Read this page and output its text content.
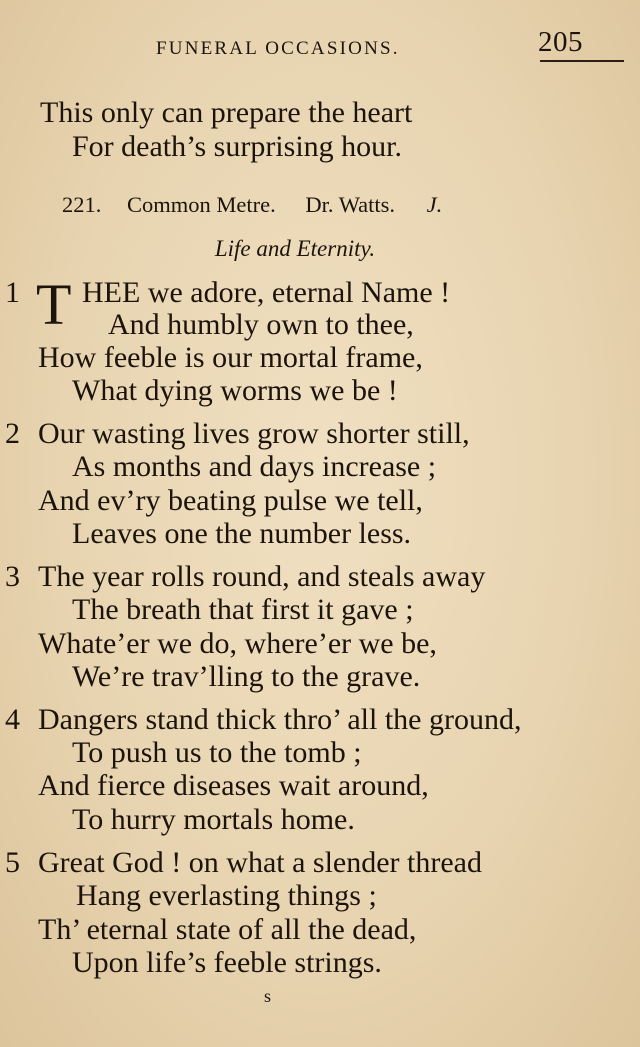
FUNERAL OCCASIONS.	205
This only can prepare the heart
For death’s surprising hour.
221. Common Metre. Dr. Watts. J.
Life and Eternity.
1 T HEE we adore, eternal Name !
And humbly own to thee,
How feeble is our mortal frame,
What dying worms we be !
2 Our wasting lives grow shorter still,
As months and days increase ;
And ev’ry beating pulse we tell,
Leaves one the number less.
3 The year rolls round, and steals away
The breath that first it gave ;
Whate’er we do, where’er we be,
We’re trav’lling to the grave.
4 Dangers stand thick thro’ all the ground,
To push us to the tomb ;
And fierce diseases wait around,
To hurry mortals home.
5 Great God ! on what a slender thread
Hang everlasting things ;
Th’ eternal state of all the dead,
Upon life’s feeble strings.
s
